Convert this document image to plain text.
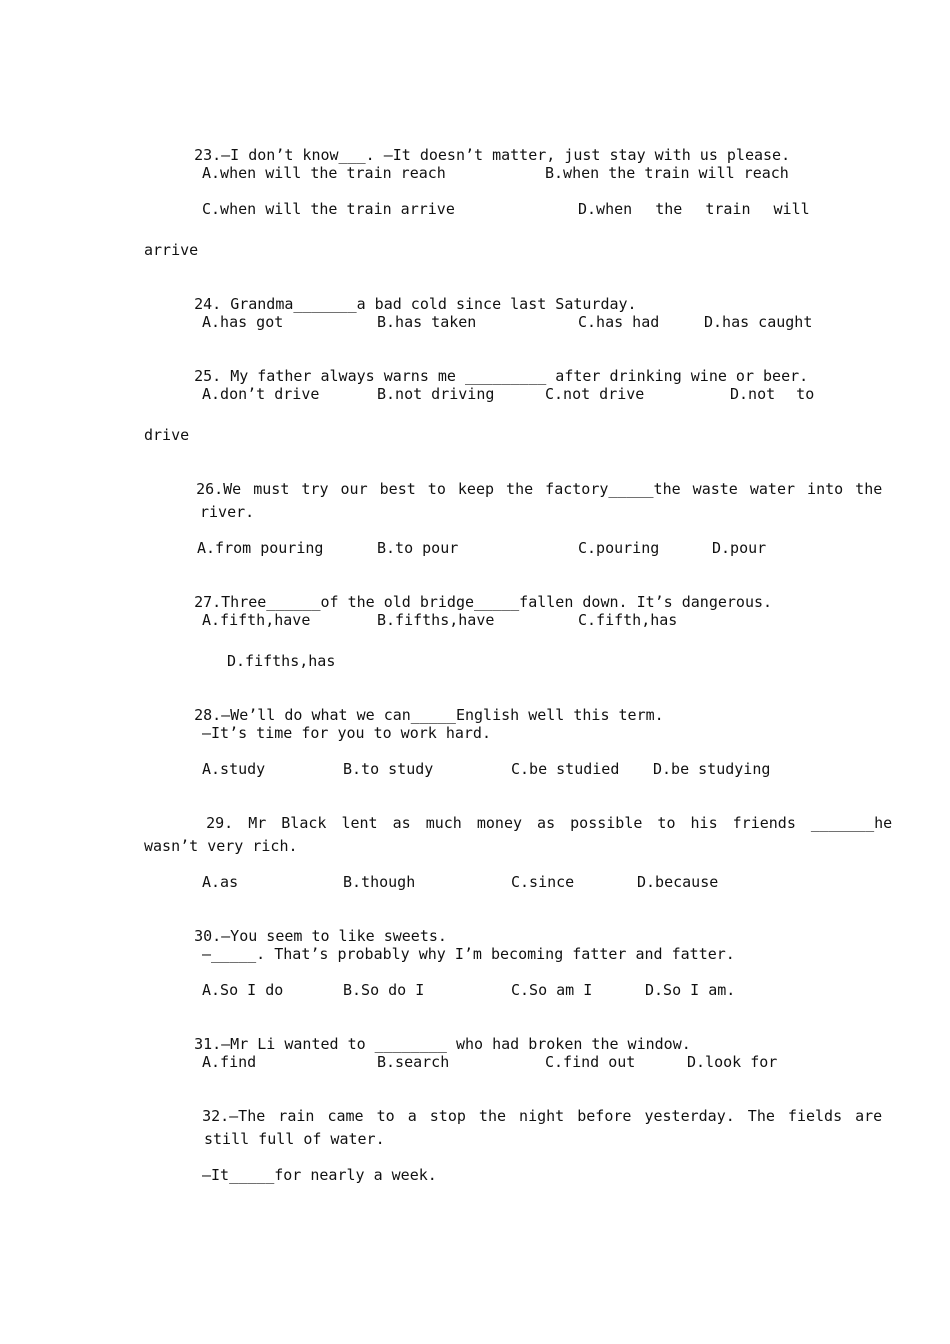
23.—I don’t know___. —It doesn’t matter, just stay with us please.

A.when will the train reach	B.when the train will reach
C.when will the train arrive	D.when the train will
arrive

24. Grandma_______a bad cold since last Saturday.

A.has got	B.has taken	C.has had	D.has caught

25. My father always warns me _________ after drinking wine or beer.

A.don’t drive	B.not driving	C.not drive	D.not to
drive

26.We must try our best to keep the factory_____the waste water into the

river.
A.from pouring	B.to pour	C.pouring	D.pour

27.Three______of the old bridge_____fallen down. It’s dangerous.

A.fifth,have	B.fifths,have	C.fifth,has
D.fifths,has

28.—We’ll do what we can_____English well this term.

—It’s time for you to work hard.
A.study	B.to study	C.be studied D.be studying

29. Mr Black lent as much money as possible to his friends _______he

wasn’t very rich.
A.as	B.though	C.since	D.because

30.—You seem to like sweets.

—_____. That’s probably why I’m becoming fatter and fatter.
A.So I do	B.So do I	C.So am I	D.So I am.

31.—Mr Li wanted to ________ who had broken the window.

A.find	B.search	C.find out	D.look for

32.—The rain came to a stop the night before yesterday. The fields are

still full of water.
—It_____for nearly a week.
